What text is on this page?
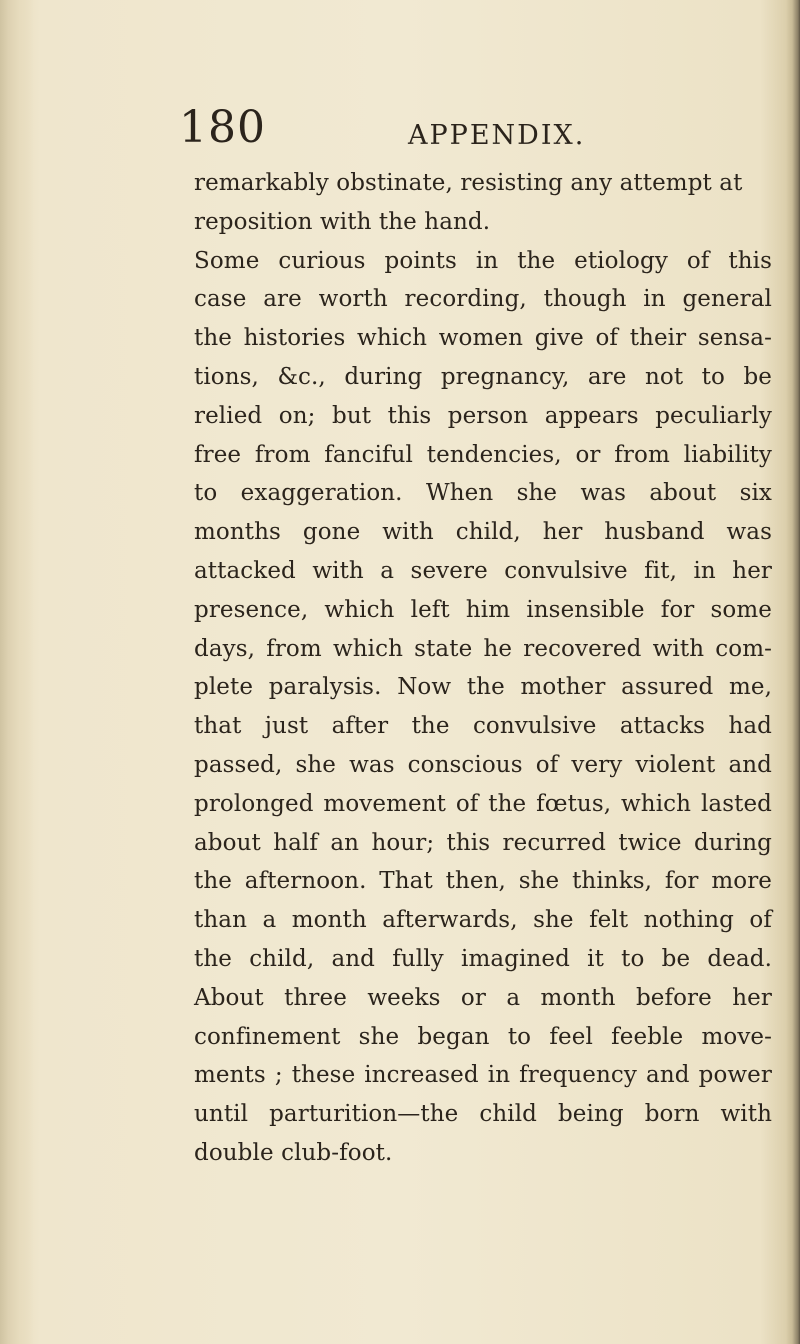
180	APPENDIX.
remarkably obstinate, resisting any attempt at
reposition with the hand.
Some curious points in the etiology of this
case are worth recording, though in general
the histories which women give of their sensa-
tions, &c., during pregnancy, are not to be
relied on; but this person appears peculiarly
free from fanciful tendencies, or from liability
to exaggeration. When she was about six
months gone with child, her husband was
attacked with a severe convulsive fit, in her
presence, which left him insensible for some
days, from which state he recovered with com-
plete paralysis. Now the mother assured me,
that just after the convulsive attacks had
passed, she was conscious of very violent and
prolonged movement of the fœtus, which lasted
about half an hour; this recurred twice during
the afternoon. That then, she thinks, for more
than a month afterwards, she felt nothing of
the child, and fully imagined it to be dead.
About three weeks or a month before her
confinement she began to feel feeble move-
ments ; these increased in frequency and power
until parturition—the child being born with
double club-foot.
